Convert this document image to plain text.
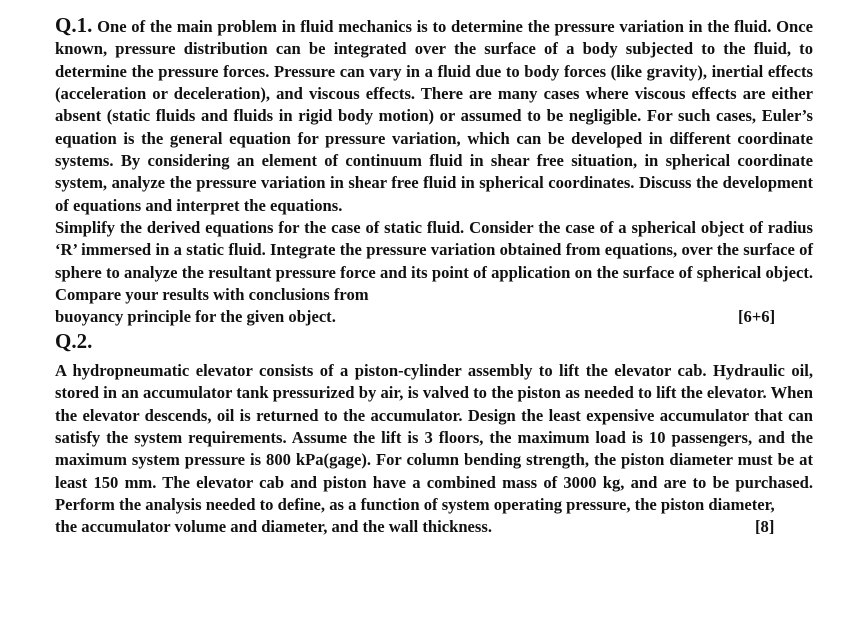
Q.1. One of the main problem in fluid mechanics is to determine the pressure variation in the fluid. Once known, pressure distribution can be integrated over the surface of a body subjected to the fluid, to determine the pressure forces. Pressure can vary in a fluid due to body forces (like gravity), inertial effects (acceleration or deceleration), and viscous effects. There are many cases where viscous effects are either absent (static fluids and fluids in rigid body motion) or assumed to be negligible. For such cases, Euler’s equation is the general equation for pressure variation, which can be developed in different coordinate systems. By considering an element of continuum fluid in shear free situation, in spherical coordinate system, analyze the pressure variation in shear free fluid in spherical coordinates. Discuss the development of equations and interpret the equations.

Simplify the derived equations for the case of static fluid. Consider the case of a spherical object of radius ‘R’ immersed in a static fluid. Integrate the pressure variation obtained from equations, over the surface of sphere to analyze the resultant pressure force and its point of application on the surface of spherical object. Compare your results with conclusions from

buoyancy principle for the given object.	[6+6]

Q.2.

A hydropneumatic elevator consists of a piston-cylinder assembly to lift the elevator cab. Hydraulic oil, stored in an accumulator tank pressurized by air, is valved to the piston as needed to lift the elevator. When the elevator descends, oil is returned to the accumulator. Design the least expensive accumulator that can satisfy the system requirements. Assume the lift is 3 floors, the maximum load is 10 passengers, and the maximum system pressure is 800 kPa(gage). For column bending strength, the piston diameter must be at least 150 mm. The elevator cab and piston have a combined mass of 3000 kg, and are to be purchased. Perform the analysis needed to define, as a function of system operating pressure, the piston diameter,

the accumulator volume and diameter, and the wall thickness.	[8]
